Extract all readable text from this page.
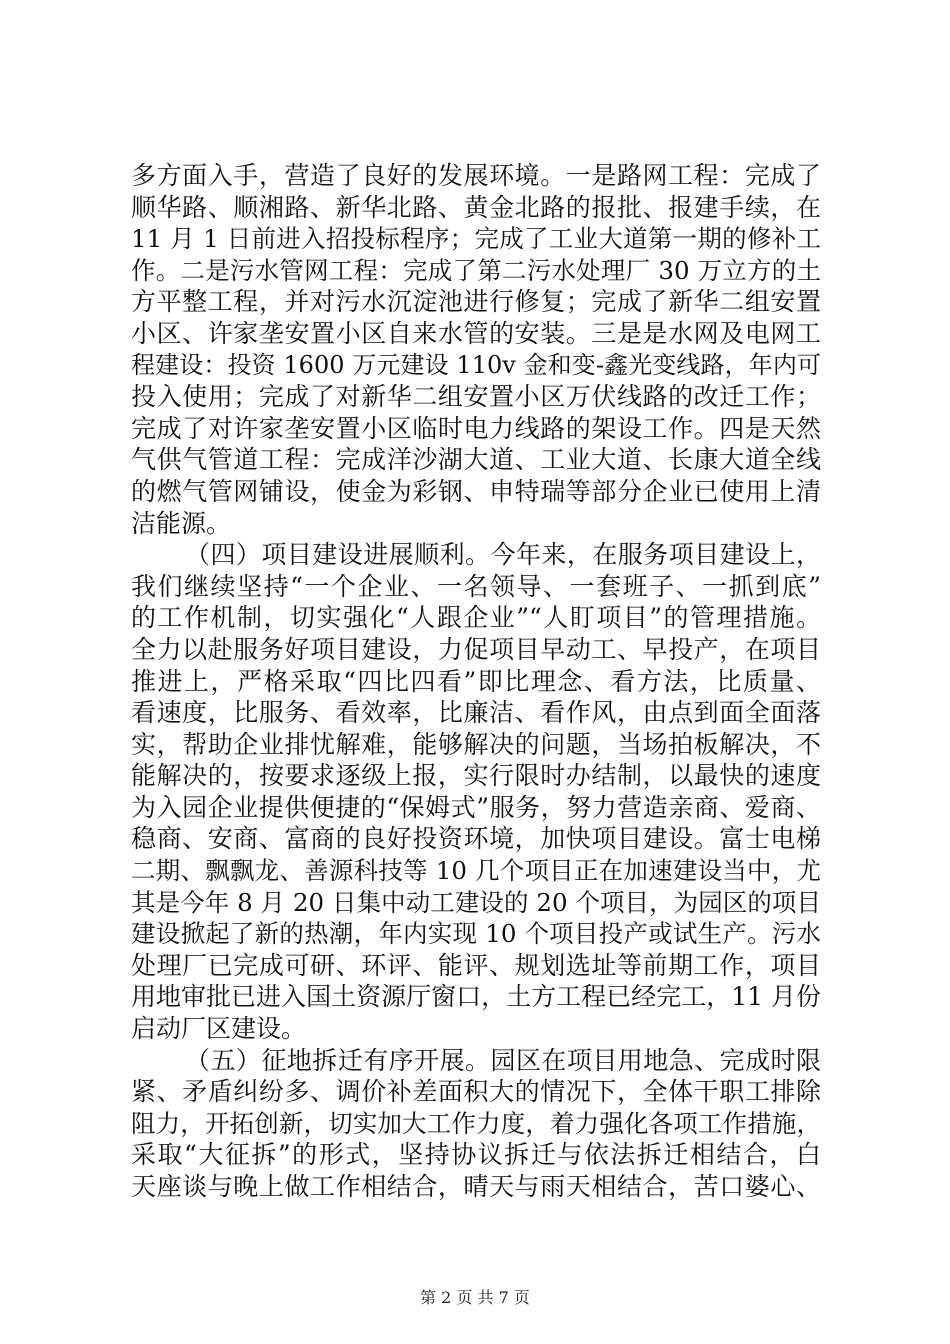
多方面入手，营造了良好的发展环境。一是路网工程：完成了
顺华路、顺湘路、新华北路、黄金北路的报批、报建手续，在
11 月 1 日前进入招投标程序；完成了工业大道第一期的修补工
作。二是污水管网工程：完成了第二污水处理厂 30 万立方的土
方平整工程，并对污水沉淀池进行修复；完成了新华二组安置
小区、许家垄安置小区自来水管的安装。三是是水网及电网工
程建设：投资 1600 万元建设 110v 金和变-鑫光变线路，年内可
投入使用；完成了对新华二组安置小区万伏线路的改迁工作；
完成了对许家垄安置小区临时电力线路的架设工作。四是天然
气供气管道工程：完成洋沙湖大道、工业大道、长康大道全线
的燃气管网铺设，使金为彩钢、申特瑞等部分企业已使用上清
洁能源。
（四）项目建设进展顺利。今年来，在服务项目建设上，
我们继续坚持“一个企业、一名领导、一套班子、一抓到底”
的工作机制，切实强化“人跟企业”“人盯项目”的管理措施。
全力以赴服务好项目建设，力促项目早动工、早投产，在项目
推进上，严格采取“四比四看”即比理念、看方法，比质量、
看速度，比服务、看效率，比廉洁、看作风，由点到面全面落
实，帮助企业排忧解难，能够解决的问题，当场拍板解决，不
能解决的，按要求逐级上报，实行限时办结制，以最快的速度
为入园企业提供便捷的“保姆式”服务，努力营造亲商、爱商、
稳商、安商、富商的良好投资环境，加快项目建设。富士电梯
二期、飘飘龙、善源科技等 10 几个项目正在加速建设当中，尤
其是今年 8 月 20 日集中动工建设的 20 个项目，为园区的项目
建设掀起了新的热潮，年内实现 10 个项目投产或试生产。污水
处理厂已完成可研、环评、能评、规划选址等前期工作，项目
用地审批已进入国土资源厅窗口，土方工程已经完工，11 月份
启动厂区建设。
（五）征地拆迁有序开展。园区在项目用地急、完成时限
紧、矛盾纠纷多、调价补差面积大的情况下，全体干职工排除
阻力，开拓创新，切实加大工作力度，着力强化各项工作措施，
采取“大征拆”的形式，坚持协议拆迁与依法拆迁相结合，白
天座谈与晚上做工作相结合，晴天与雨天相结合，苦口婆心、
第 2 页 共 7 页
